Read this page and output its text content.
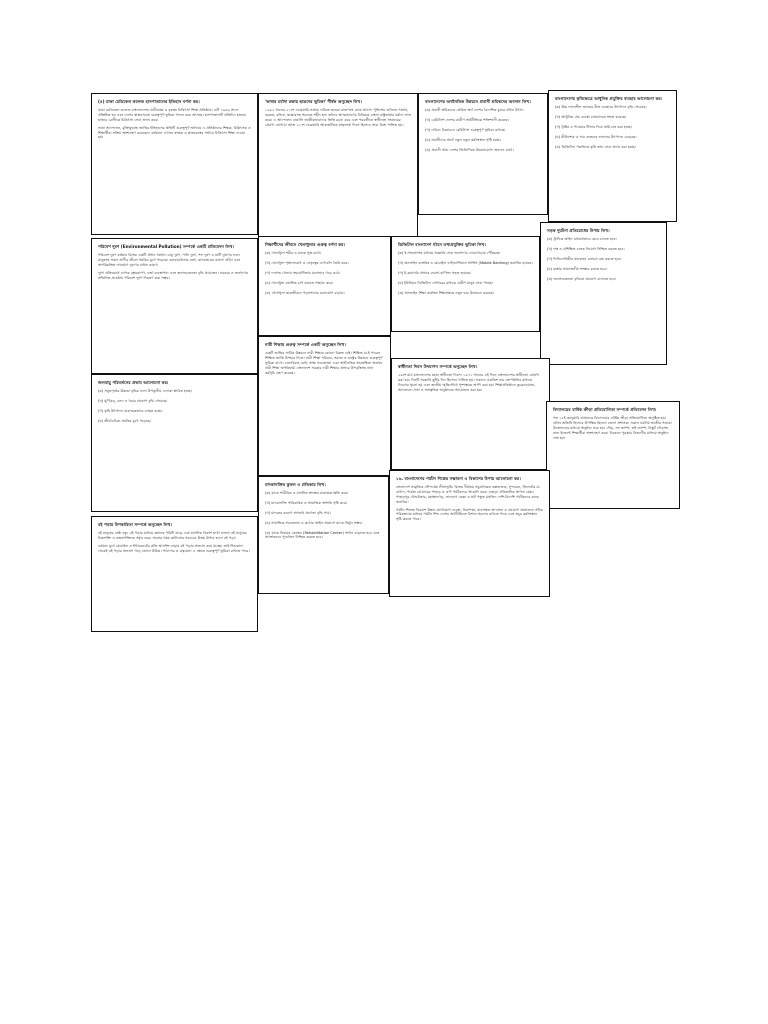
(৫) ঢাকা মেডিকেল কলেজ হাসপাতালের ইতিহাস বর্ণনা কর।

ঢাকা মেডিকেল কলেজ বাংলাদেশের প্রাচীনতম ও বৃহত্তম চিকিৎসা শিক্ষা প্রতিষ্ঠান। এটি ১৯৪৬ সালে প্রতিষ্ঠিত হয় এবং দেশের স্বাস্থ্যসেবায় গুরুত্বপূর্ণ ভূমিকা পালন করে আসছে। হাসপাতালটি প্রতিদিন হাজার হাজার রোগীকে চিকিৎসা সেবা প্রদান করে।

ভাষা আন্দোলন, মুক্তিযুদ্ধসহ জাতির ইতিহাসের প্রতিটি গুরুত্বপূর্ণ অধ্যায়ে এ প্রতিষ্ঠানের শিক্ষক, চিকিৎসক ও শিক্ষার্থীরা সক্রিয় অংশগ্রহণ করেছেন। বর্তমানে এখানে স্নাতক ও স্নাতকোত্তর পর্যায়ে চিকিৎসা শিক্ষা দেওয়া হয়।

'ভাষার মর্যাদা রক্ষায় ছাত্রদের ভূমিকা' শীর্ষক অনুচ্ছেদ লিখ।

১৯৫২ সালের ২১শে ফেব্রুয়ারি ভাষার দাবিতে ছাত্ররা রাজপথে নেমে আসে। পুলিশের গুলিতে সালাম, বরকত, রফিক, জব্বারসহ অনেকে শহীদ হন। তাঁদের আত্মত্যাগের বিনিময়ে বাংলা রাষ্ট্রভাষার মর্যাদা লাভ করে। এ আন্দোলন বাঙালি জাতীয়তাবাদের ভিত্তি রচনা করে এবং পরবর্তীতে স্বাধীনতা সংগ্রামের প্রেরণা যোগায়। আজ ২১শে ফেব্রুয়ারি আন্তর্জাতিক মাতৃভাষা দিবস হিসেবে সারা বিশ্বে পালিত হয়।

বাংলাদেশের অর্থনৈতিক উন্নয়নে প্রবাসী শ্রমিকদের অবদান লিখ।
(ক) প্রবাসী শ্রমিকদের প্রেরিত অর্থ দেশের বৈদেশিক মুদ্রার প্রধান উৎস।
(খ) রেমিট্যান্স দেশের গ্রামীণ অর্থনীতিকে শক্তিশালী করেছে।
(গ) দারিদ্র্য বিমোচনে রেমিট্যান্স গুরুত্বপূর্ণ ভূমিকা রাখছে।
(ঘ) প্রবাসীদের অর্থে নতুন নতুন কর্মসংস্থান সৃষ্টি হচ্ছে।
(ঙ) প্রবাসী আয় দেশের জিডিপিতে উল্লেখযোগ্য অবদান রাখে।
বাংলাদেশের কৃষিক্ষেত্রে আধুনিক প্রযুক্তির ব্যবহার আলোচনা কর।
(ক) উচ্চ ফলনশীল জাতের বীজ ব্যবহারে উৎপাদন বৃদ্ধি পেয়েছে।
(খ) আধুনিক সেচ ব্যবস্থা চাষাবাদকে সহজ করেছে।
(গ) ট্রাক্টর ও পাওয়ার টিলার দিয়ে জমি চাষ করা হচ্ছে।
(ঘ) কীটনাশক ও সার ব্যবহারে ফসলের উৎপাদন বেড়েছে।
(ঙ) ডিজিটাল পদ্ধতিতে কৃষি তথ্য সেবা প্রদান করা হচ্ছে।
পরিবেশ দূষণ (Environmental Pollution) সম্পর্কে একটি প্রতিবেদন লিখ।

পরিবেশ দূষণ বর্তমান বিশ্বের একটি প্রধান সমস্যা। বায়ু দূষণ, পানি দূষণ, শব্দ দূষণ ও মাটি দূষণের ফলে মানুষসহ সকল প্রাণীর জীবন হুমকির মুখে পড়েছে। কলকারখানার বর্জ্য, যানবাহনের কালো ধোঁয়া এবং অপরিকল্পিত নগরায়ণ দূষণের প্রধান কারণ।

দূষণ প্রতিরোধে ব্যাপক বৃক্ষরোপণ, বর্জ্য ব্যবস্থাপনা এবং জনসচেতনতা বৃদ্ধি প্রয়োজন। সরকার ও জনগণের সম্মিলিত প্রচেষ্টায় পরিবেশ দূষণ নিয়ন্ত্রণ করা সম্ভব।

শিক্ষার্থীদের জীবনে খেলাধুলার গুরুত্ব বর্ণনা কর।
(ক) খেলাধুলা শরীর ও মনকে সুস্থ রাখে।
(খ) খেলাধুলা শৃঙ্খলাবোধ ও নেতৃত্বের গুণাবলি তৈরি করে।
(গ) দলগত খেলায় সহযোগিতার মনোভাব গড়ে ওঠে।
(ঘ) খেলাধুলা মানসিক চাপ কমাতে সাহায্য করে।
(ঙ) খেলাধুলা ছাত্রজীবনে পড়াশোনার মনোযোগ বাড়ায়।
ডিজিটাল বাংলাদেশ গঠনে তথ্যপ্রযুক্তির ভূমিকা লিখ।
(ক) ই-গভর্নেন্সের মাধ্যমে সরকারি সেবা জনগণের দোরগোড়ায় পৌঁছেছে।
(খ) অনলাইন ব্যাংকিং ও মোবাইল ফাইন্যান্সিয়াল সার্ভিস (Mobile Banking) জনপ্রিয় হয়েছে।
(গ) ই-কমার্সের প্রসারে ব্যবসা-বাণিজ্য সহজ হয়েছে।
(ঘ) ইউনিয়ন ডিজিটাল সেন্টারের মাধ্যমে গ্রামীণ মানুষ সেবা পাচ্ছে।
(ঙ) অনলাইন শিক্ষা কার্যক্রম শিক্ষাক্ষেত্রে নতুন দ্বার উন্মোচন করেছে।
সড়ক দুর্ঘটনা প্রতিরোধের উপায় লিখ।
(ক) ট্রাফিক আইন যথাযথভাবে মেনে চলতে হবে।
(খ) দক্ষ ও প্রশিক্ষিত চালক নিয়োগ নিশ্চিত করতে হবে।
(গ) ফিটনেসবিহীন যানবাহন চলাচল বন্ধ করতে হবে।
(ঘ) রাস্তার প্রয়োজনীয় সংস্কার করতে হবে।
(ঙ) জনসচেতনতা বৃদ্ধিতে প্রচারণা চালাতে হবে।
নারী শিক্ষার গুরুত্ব সম্পর্কে একটি অনুচ্ছেদ লিখ।

একটি জাতির সার্বিক উন্নয়নে নারী শিক্ষার কোনো বিকল্প নেই। শিক্ষিত মা-ই পারেন শিক্ষিত জাতি উপহার দিতে। নারী শিক্ষা পরিবার, সমাজ ও রাষ্ট্রের উন্নয়নে গুরুত্বপূর্ণ ভূমিকা রাখে। বাল্যবিবাহ রোধ, স্বাস্থ্য সচেতনতা এবং অর্থনৈতিক স্বাবলম্বিতা অর্জনে নারী শিক্ষা অপরিহার্য। বাংলাদেশ সরকার নারী শিক্ষার প্রসারে উপবৃত্তিসহ নানা কর্মসূচি গ্রহণ করেছে।

স্বাধীনতা দিবস উদযাপন সম্পর্কে অনুচ্ছেদ লিখ।

২৬শে মার্চ বাংলাদেশের মহান স্বাধীনতা দিবস। ১৯৭১ সালের এই দিনে বাংলাদেশের স্বাধীনতা ঘোষণা করা হয়। দিনটি সরকারি ছুটির দিন হিসেবে পালিত হয়। সকালে একত্রিশ বার তোপধ্বনির মাধ্যমে দিবসের সূচনা হয় এবং জাতীয় স্মৃতিসৌধে পুষ্পস্তবক অর্পণ করা হয়। শিক্ষাপ্রতিষ্ঠানে কুচকাওয়াজ, আলোচনা সভা ও সাংস্কৃতিক অনুষ্ঠানের আয়োজন করা হয়।

বিদ্যালয়ের বার্ষিক ক্রীড়া প্রতিযোগিতা সম্পর্কে প্রতিবেদন লিখ।

গত ১৫ই জানুয়ারি আমাদের বিদ্যালয়ের বার্ষিক ক্রীড়া প্রতিযোগিতা অনুষ্ঠিত হয়। প্রধান অতিথি হিসেবে উপস্থিত ছিলেন জেলা প্রশাসক। সকাল নয়টায় জাতীয় পতাকা উত্তোলনের মাধ্যমে অনুষ্ঠান শুরু হয়। দৌড়, লং জাম্প, হাই জাম্প, বিস্কুট দৌড়সহ নানা ইভেন্টে শিক্ষার্থীরা অংশগ্রহণ করে। বিকেলে পুরস্কার বিতরণীর মাধ্যমে অনুষ্ঠান শেষ হয়।

জলবায়ু পরিবর্তনের প্রভাব আলোচনা কর।
(ক) সমুদ্রপৃষ্ঠের উচ্চতা বৃদ্ধির ফলে উপকূলীয় এলাকা প্লাবিত হচ্ছে।
(খ) ঘূর্ণিঝড়, বন্যা ও খরার প্রকোপ বৃদ্ধি পেয়েছে।
(গ) কৃষি উৎপাদন মারাত্মকভাবে ব্যাহত হচ্ছে।
(ঘ) জীববৈচিত্র্য হুমকির মুখে পড়েছে।
বই পড়ার উপকারিতা সম্পর্কে অনুচ্ছেদ লিখ।

বই মানুষের শ্রেষ্ঠ বন্ধু। বই পড়ার মাধ্যমে জ্ঞানের পরিধি বাড়ে এবং মানসিক বিকাশ ঘটে। ভালো বই মানুষের চিন্তাশক্তি ও কল্পনাশক্তিকে সমৃদ্ধ করে। অবসর সময় কাটানোর সবচেয়ে উত্তম উপায় হলো বই পড়া।

বর্তমান যুগে মোবাইল ও ইন্টারনেটের প্রতি আসক্তি বাড়ায় বই পড়ার অভ্যাস কমে যাচ্ছে। তাই শিশুকাল থেকেই বই পড়ার অভ্যাস গড়ে তোলা উচিত। পাঠাগার ও গ্রন্থমেলা এ ক্ষেত্রে গুরুত্বপূর্ণ ভূমিকা রাখতে পারে।

মাদকাসক্তির কুফল ও প্রতিকার লিখ।
(ক) মাদক শারীরিক ও মানসিক স্বাস্থ্যের মারাত্মক ক্ষতি করে।
(খ) মাদকাসক্তি পারিবারিক ও সামাজিক অশান্তি সৃষ্টি করে।
(গ) মাদকের কারণে অপরাধ প্রবণতা বৃদ্ধি পায়।
(ঘ) সামাজিক সচেতনতা ও কঠোর আইন প্রয়োগে মাদক নির্মূল সম্ভব।
(ঙ) মাদক নিরাময় কেন্দ্রের (Rehabilitation Center) সংখ্যা বাড়াতে হবে এবং আক্রান্তদের পুনর্বাসন নিশ্চিত করতে হবে।
১৬. বাংলাদেশের পর্যটন শিল্পের সম্ভাবনা ও বিকাশের উপায় আলোচনা কর।

বাংলাদেশ প্রাকৃতিক সৌন্দর্যের লীলাভূমি। বিশ্বের দীর্ঘতম সমুদ্রসৈকত কক্সবাজার, সুন্দরবন, সিলেটের চা-বাগান, পার্বত্য চট্টগ্রামের পাহাড় ও ঝর্ণা পর্যটকদের আকর্ষণ করে। এছাড়া ঐতিহাসিক স্থাপনা যেমন পাহাড়পুর বৌদ্ধবিহার, মহাস্থানগড়, লালবাগ কেল্লা ও ষাট গম্বুজ মসজিদ দেশি-বিদেশি পর্যটকদের কাছে জনপ্রিয়।

পর্যটন শিল্পের বিকাশে উন্নত যোগাযোগ ব্যবস্থা, নিরাপত্তা, মানসম্মত আবাসন ও প্রচারণা প্রয়োজন। সঠিক পরিকল্পনার মাধ্যমে পর্যটন শিল্প দেশের অর্থনীতিতে বিশাল অবদান রাখতে পারে এবং প্রচুর কর্মসংস্থান সৃষ্টি করতে পারে।
